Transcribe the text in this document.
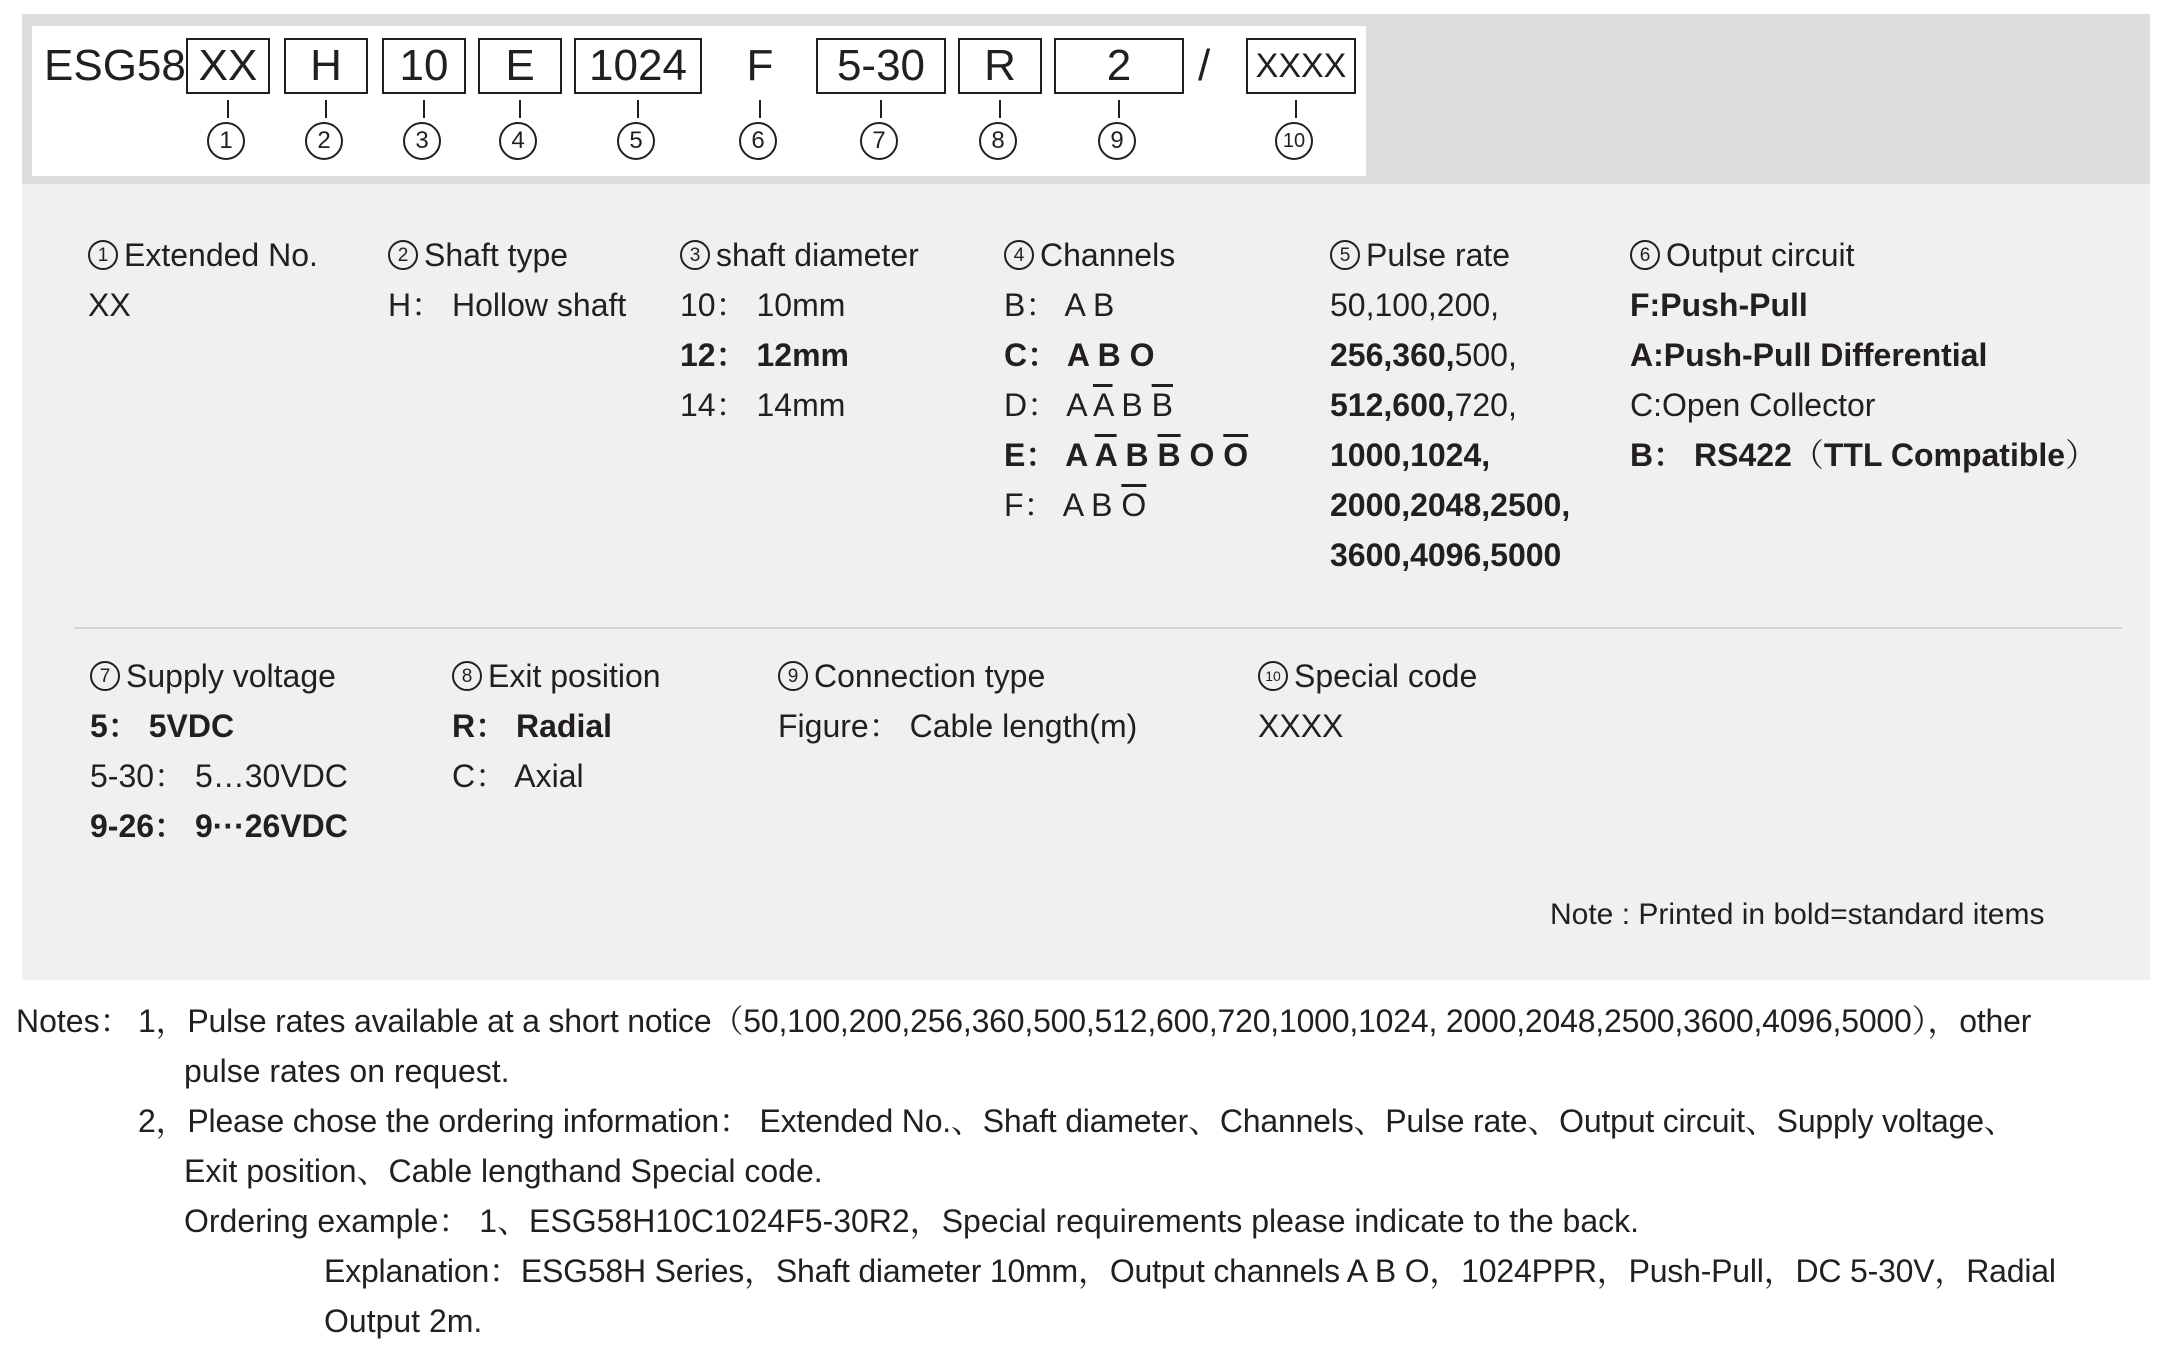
ESG58 XX	H	10	E	1024	F	5-30	R	2	/ XXXX
1	2	3	4	5	6	7	8	9	10
1 Extended No.
XX
2 Shaft type
H： Hollow shaft
3 shaft diameter
10： 10mm
12： 12mm
14： 14mm
4 Channels
B： A B
C： A B O
D： A $\overline{A}$ B $\overline{B}$
E： A $\overline{A}$ B $\overline{B}$ O $\overline{O}$
F： A B $\overline{O}$
5 Pulse rate
50,100,200,
256,360,500,
512,600,720,
1000,1024,
2000,2048,2500,
3600,4096,5000
6 Output circuit
F:Push-Pull
A:Push-Pull Differential
C:Open Collector
B： RS422（TTL Compatible）
7 Supply voltage
5： 5VDC
5-30： 5…30VDC
9-26： 9···26VDC
8 Exit position
R： Radial
C： Axial
9 Connection type
Figure： Cable length(m)
10 Special code
XXXX
Note : Printed in bold=standard items
Notes： 1，Pulse rates available at a short notice（50,100,200,256,360,500,512,600,720,1000,1024, 2000,2048,2500,3600,4096,5000），other
pulse rates on request.
2，Please chose the ordering information： Extended No.、Shaft diameter、Channels、Pulse rate、Output circuit、Supply voltage、
Exit position、Cable lengthand Special code.
Ordering example： 1、ESG58H10C1024F5-30R2，Special requirements please indicate to the back.
Explanation：ESG58H Series，Shaft diameter 10mm，Output channels A B O，1024PPR，Push-Pull，DC 5-30V，Radial
Output 2m.
